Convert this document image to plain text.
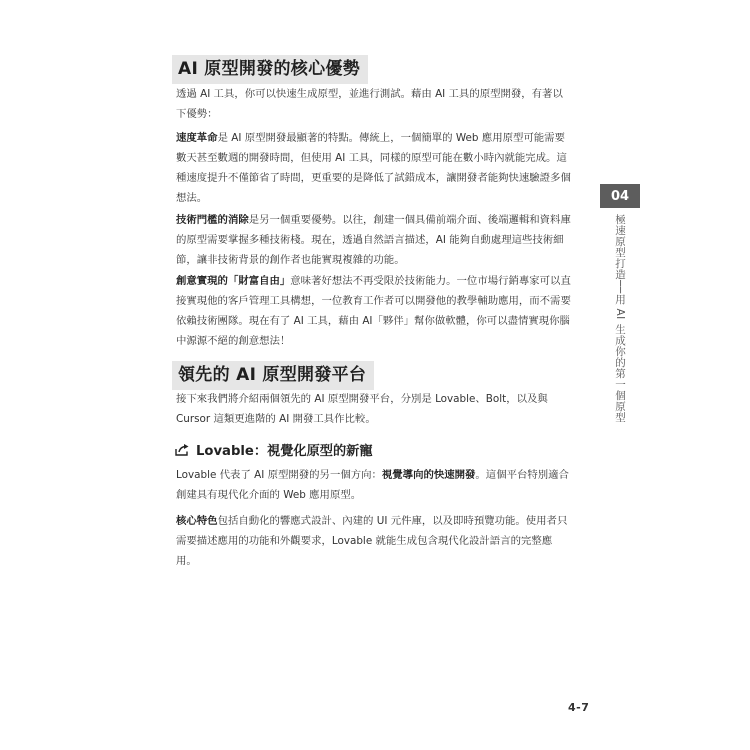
AI 原型開發的核心優勢

透過 AI 工具，你可以快速生成原型，並進行測試。藉由 AI 工具的原型開發，有著以下優勢：

速度革命是 AI 原型開發最顯著的特點。傳統上，一個簡單的 Web 應用原型可能需要數天甚至數週的開發時間，但使用 AI 工具，同樣的原型可能在數小時內就能完成。這種速度提升不僅節省了時間，更重要的是降低了試錯成本，讓開發者能夠快速驗證多個想法。

技術門檻的消除是另一個重要優勢。以往，創建一個具備前端介面、後端邏輯和資料庫的原型需要掌握多種技術棧。現在，透過自然語言描述，AI 能夠自動處理這些技術細節，讓非技術背景的創作者也能實現複雜的功能。

創意實現的「財富自由」意味著好想法不再受限於技術能力。一位市場行銷專家可以直接實現他的客戶管理工具構想，一位教育工作者可以開發他的教學輔助應用，而不需要依賴技術團隊。現在有了 AI 工具，藉由 AI「夥伴」幫你做軟體，你可以盡情實現你腦中源源不絕的創意想法！

領先的 AI 原型開發平台

接下來我們將介紹兩個領先的 AI 原型開發平台，分別是 Lovable、Bolt，以及與 Cursor 這類更進階的 AI 開發工具作比較。

Lovable：視覺化原型的新寵

Lovable 代表了 AI 原型開發的另一個方向：視覺導向的快速開發。這個平台特別適合創建具有現代化介面的 Web 應用原型。

核心特色包括自動化的響應式設計、內建的 UI 元件庫，以及即時預覽功能。使用者只需要描述應用的功能和外觀要求，Lovable 就能生成包含現代化設計語言的完整應用。

04
極速原型打造──用 AI 生成你的第一個原型
4-7
